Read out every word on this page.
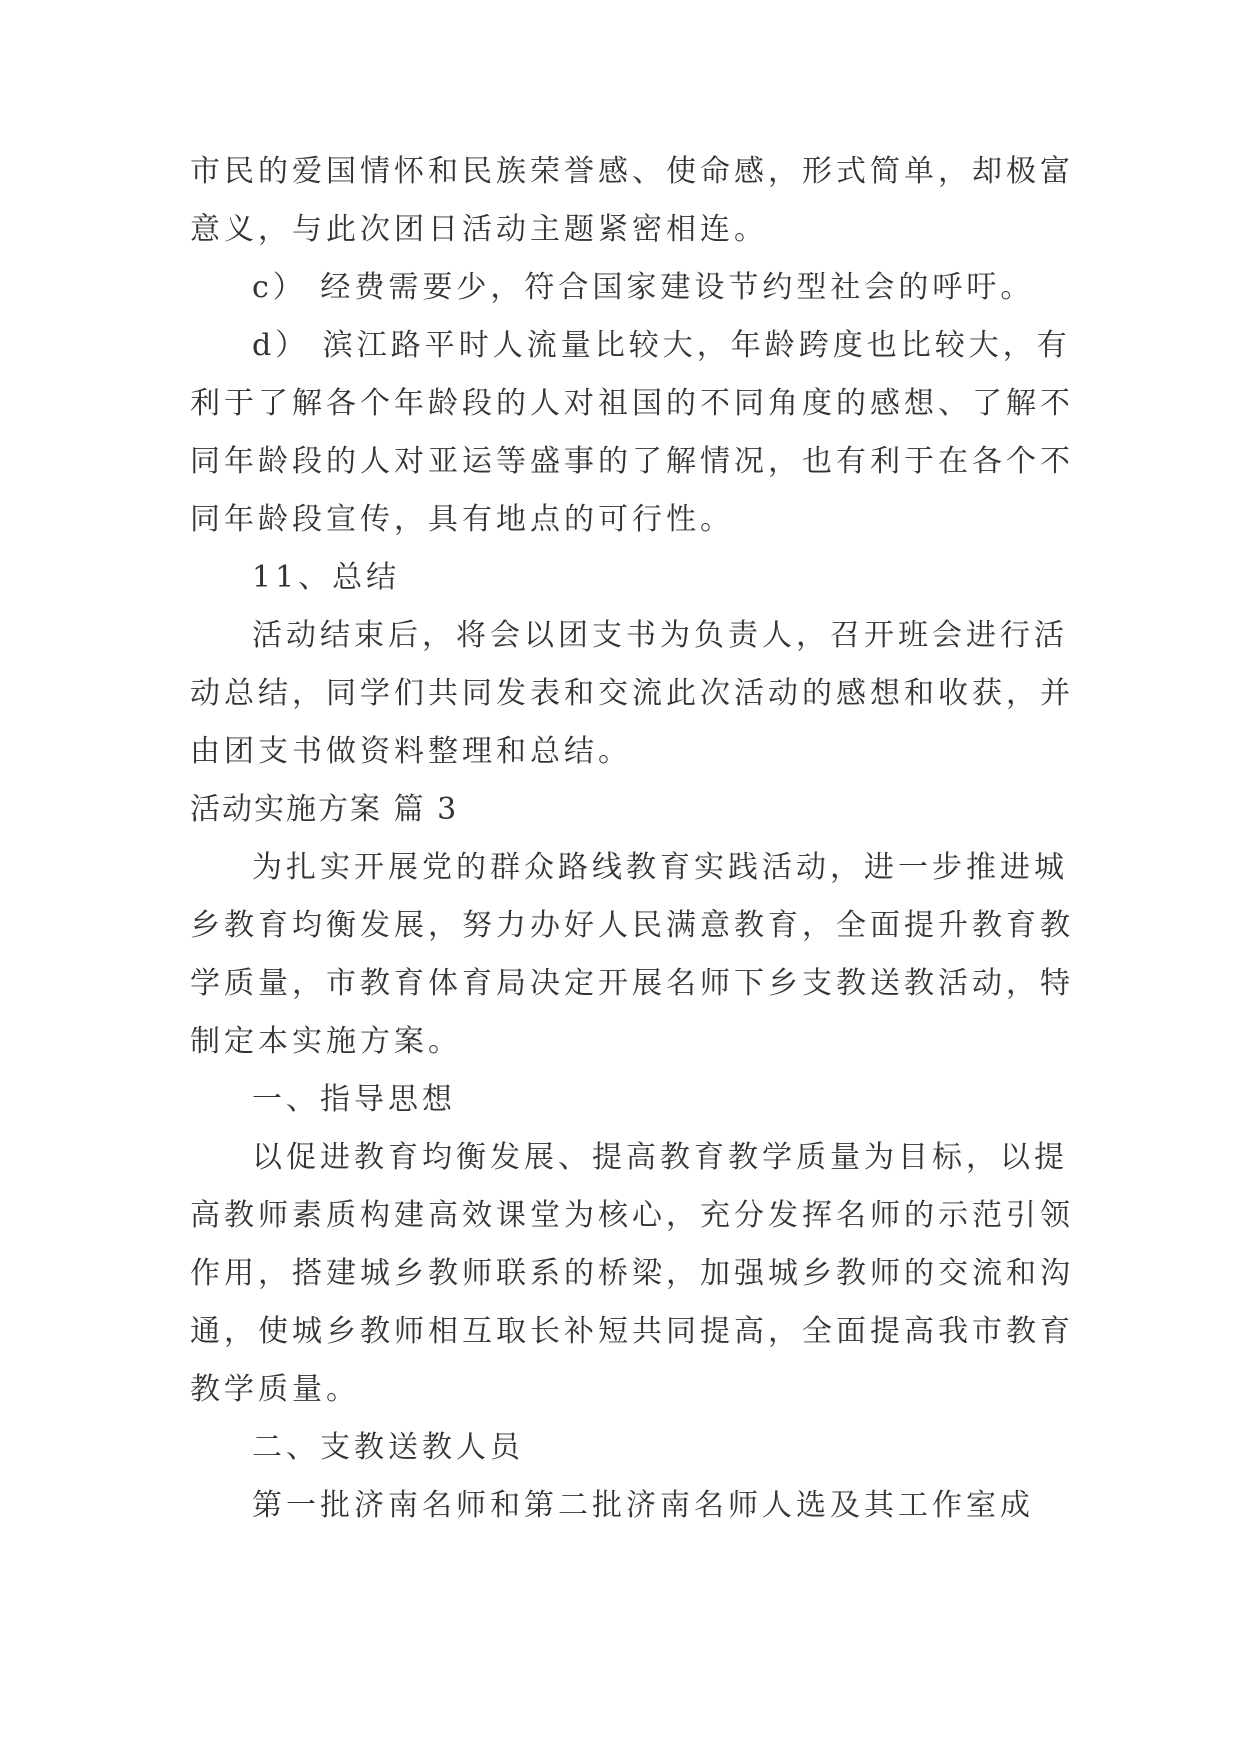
市民的爱国情怀和民族荣誉感、使命感，形式简单，却极富
意义，与此次团日活动主题紧密相连。
c） 经费需要少，符合国家建设节约型社会的呼吁。
d） 滨江路平时人流量比较大，年龄跨度也比较大，有
利于了解各个年龄段的人对祖国的不同角度的感想、了解不
同年龄段的人对亚运等盛事的了解情况，也有利于在各个不
同年龄段宣传，具有地点的可行性。
11、总结
活动结束后，将会以团支书为负责人，召开班会进行活
动总结，同学们共同发表和交流此次活动的感想和收获，并
由团支书做资料整理和总结。
活动实施方案 篇 3
为扎实开展党的群众路线教育实践活动，进一步推进城
乡教育均衡发展，努力办好人民满意教育，全面提升教育教
学质量，市教育体育局决定开展名师下乡支教送教活动，特
制定本实施方案。
一、指导思想
以促进教育均衡发展、提高教育教学质量为目标，以提
高教师素质构建高效课堂为核心，充分发挥名师的示范引领
作用，搭建城乡教师联系的桥梁，加强城乡教师的交流和沟
通，使城乡教师相互取长补短共同提高，全面提高我市教育
教学质量。
二、支教送教人员
第一批济南名师和第二批济南名师人选及其工作室成
